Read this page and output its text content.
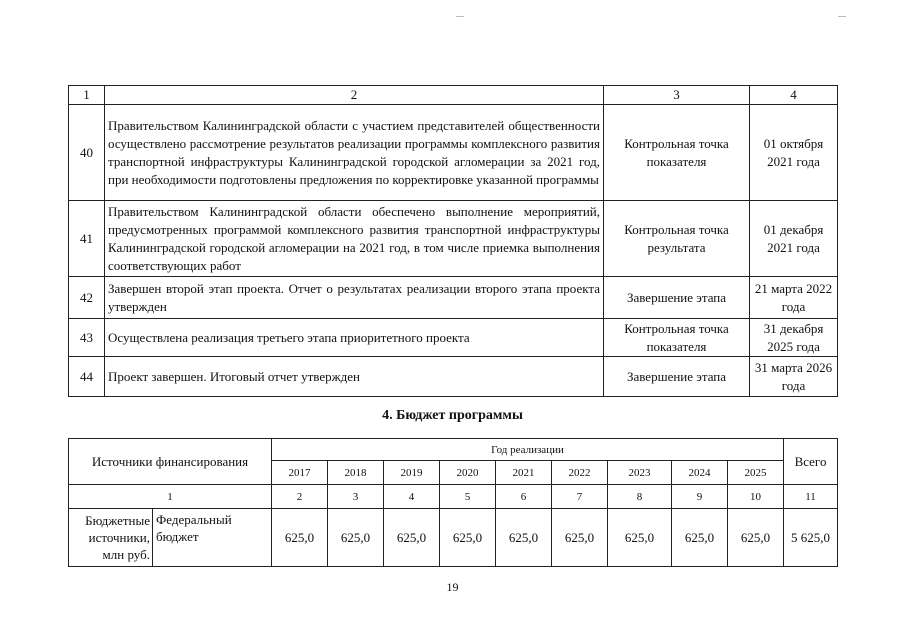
1	2	3	4
40	Правительством Калининградской области с участием представителей общественности осуществлено рассмотрение результатов реализации программы комплексного развития транспортной инфраструктуры Калининградской городской агломерации за 2021 год, при необходимости подготовлены предложения по корректировке указанной программы	Контрольная точка показателя	01 октября 2021 года
41	Правительством Калининградской области обеспечено выполнение мероприятий, предусмотренных программой комплексного развития транспортной инфраструктуры Калининградской городской агломерации на 2021 год, в том числе приемка выполнения соответствующих работ	Контрольная точка результата	01 декабря 2021 года
42	Завершен второй этап проекта. Отчет о результатах реализации второго этапа проекта утвержден	Завершение этапа	21 марта 2022 года
43	Осуществлена реализация третьего этапа приоритетного проекта	Контрольная точка показателя	31 декабря 2025 года
44	Проект завершен. Итоговый отчет утвержден	Завершение этапа	31 марта 2026 года
4. Бюджет программы
Источники финансирования		Год реализации									Всего
		2017	2018	2019	2020	2021	2022	2023	2024	2025	
1		2	3	4	5	6	7	8	9	10	11
Бюджетные источники, млн руб.	Федеральный бюджет	625,0	625,0	625,0	625,0	625,0	625,0	625,0	625,0	625,0	5 625,0
19
